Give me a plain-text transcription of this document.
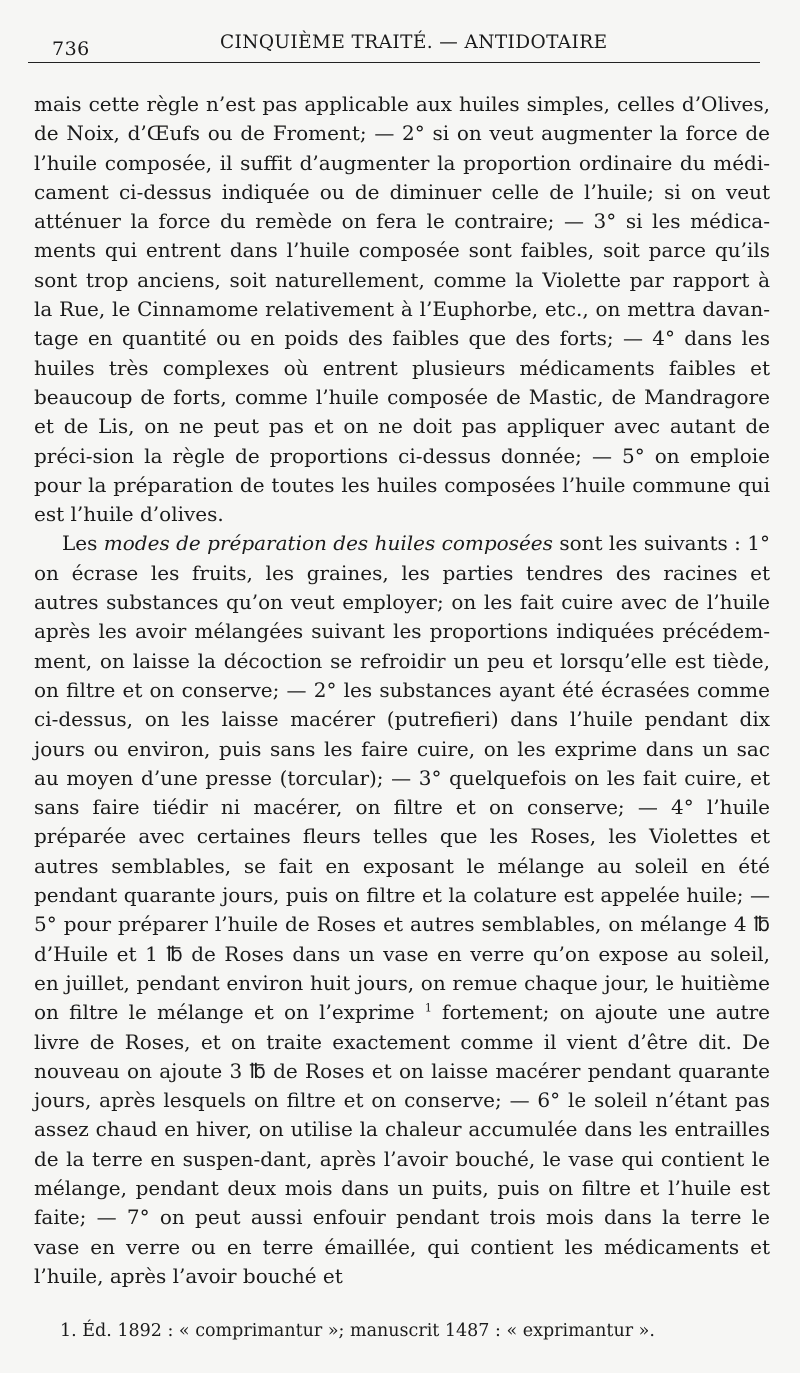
736	CINQUIÈME TRAITÉ. — ANTIDOTAIRE

mais cette règle n’est pas applicable aux huiles simples, celles d’Olives, de Noix, d’Œufs ou de Froment; — 2° si on veut augmenter la force de l’huile composée, il suffit d’augmenter la proportion ordinaire du médi-cament ci-dessus indiquée ou de diminuer celle de l’huile; si on veut atténuer la force du remède on fera le contraire; — 3° si les médica-ments qui entrent dans l’huile composée sont faibles, soit parce qu’ils sont trop anciens, soit naturellement, comme la Violette par rapport à la Rue, le Cinnamome relativement à l’Euphorbe, etc., on mettra davan-tage en quantité ou en poids des faibles que des forts; — 4° dans les huiles très complexes où entrent plusieurs médicaments faibles et beaucoup de forts, comme l’huile composée de Mastic, de Mandragore et de Lis, on ne peut pas et on ne doit pas appliquer avec autant de préci-sion la règle de proportions ci-dessus donnée; — 5° on emploie pour la préparation de toutes les huiles composées l’huile commune qui est l’huile d’olives.

Les modes de préparation des huiles composées sont les suivants : 1° on écrase les fruits, les graines, les parties tendres des racines et autres substances qu’on veut employer; on les fait cuire avec de l’huile après les avoir mélangées suivant les proportions indiquées précédem-ment, on laisse la décoction se refroidir un peu et lorsqu’elle est tiède, on filtre et on conserve; — 2° les substances ayant été écrasées comme ci-dessus, on les laisse macérer (putrefieri) dans l’huile pendant dix jours ou environ, puis sans les faire cuire, on les exprime dans un sac au moyen d’une presse (torcular); — 3° quelquefois on les fait cuire, et sans faire tiédir ni macérer, on filtre et on conserve; — 4° l’huile préparée avec certaines fleurs telles que les Roses, les Violettes et autres semblables, se fait en exposant le mélange au soleil en été pendant quarante jours, puis on filtre et la colature est appelée huile; — 5° pour préparer l’huile de Roses et autres semblables, on mélange 4 ℔ d’Huile et 1 ℔ de Roses dans un vase en verre qu’on expose au soleil, en juillet, pendant environ huit jours, on remue chaque jour, le huitième on filtre le mélange et on l’exprime $^1$ fortement; on ajoute une autre livre de Roses, et on traite exactement comme il vient d’être dit. De nouveau on ajoute 3 ℔ de Roses et on laisse macérer pendant quarante jours, après lesquels on filtre et on conserve; — 6° le soleil n’étant pas assez chaud en hiver, on utilise la chaleur accumulée dans les entrailles de la terre en suspen-dant, après l’avoir bouché, le vase qui contient le mélange, pendant deux mois dans un puits, puis on filtre et l’huile est faite; — 7° on peut aussi enfouir pendant trois mois dans la terre le vase en verre ou en terre émaillée, qui contient les médicaments et l’huile, après l’avoir bouché et

1. Éd. 1892 : « comprimantur »; manuscrit 1487 : « exprimantur ».
